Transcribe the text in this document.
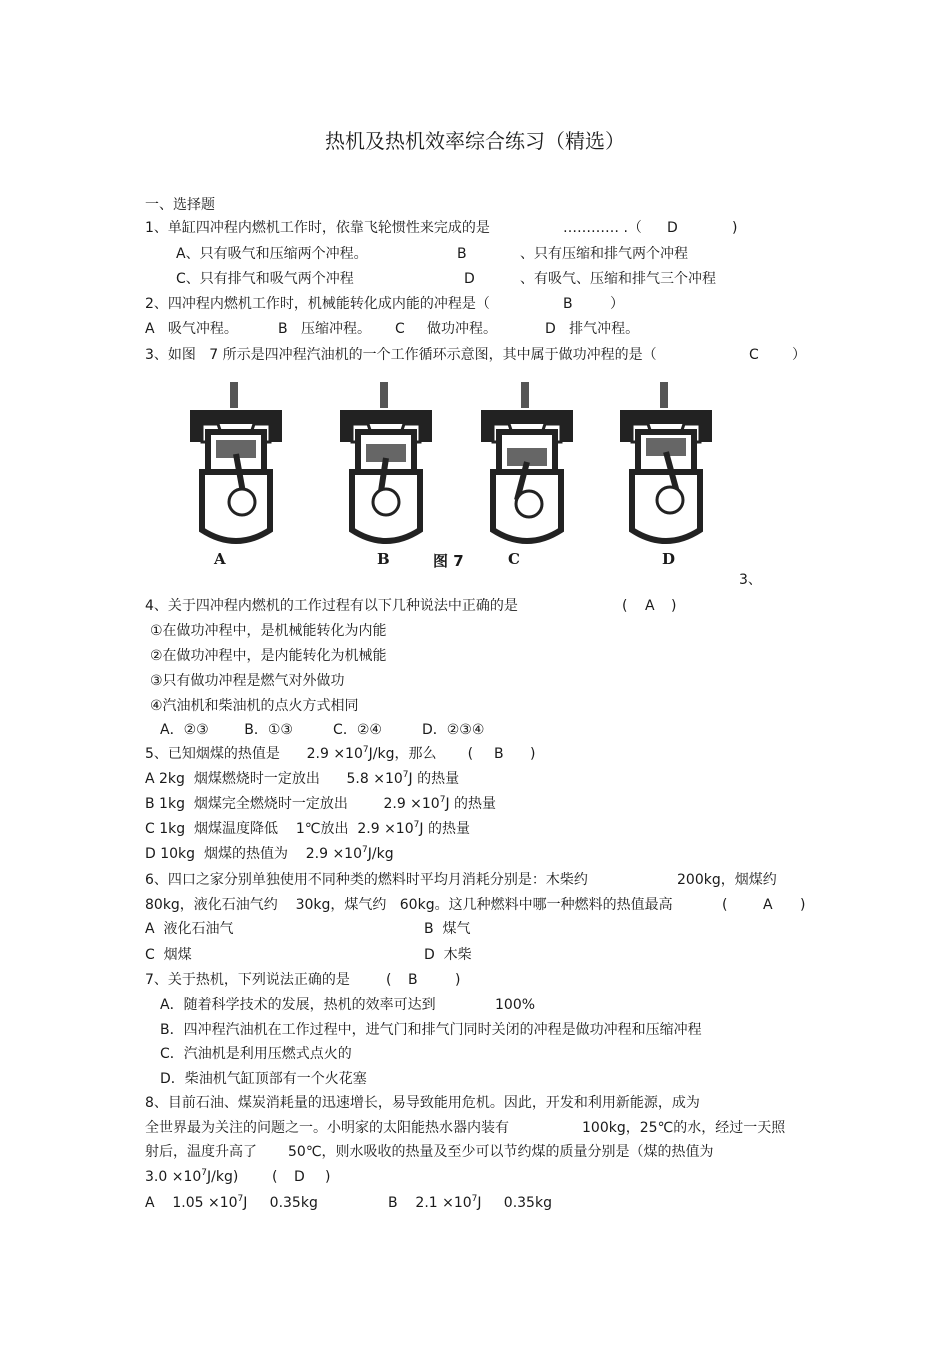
热机及热机效率综合练习（精选）
一、选择题
1、单缸四冲程内燃机工作时，依靠飞轮惯性来完成的是	………… .（ D	)
A、只有吸气和压缩两个冲程。	B	、只有压缩和排气两个冲程
C、只有排气和吸气两个冲程	D	、有吸气、压缩和排气三个冲程
2、四冲程内燃机工作时，机械能转化成内能的冲程是（	B	）
A   吸气冲程。	B   压缩冲程。 C     做功冲程。	D   排气冲程。
3、如图   7 所示是四冲程汽油机的一个工作循环示意图，其中属于做功冲程的是（	C ）
A	B	图 7	C	D
3、
4、关于四冲程内燃机的工作过程有以下几种说法中正确的是	( A )
①在做功冲程中，是机械能转化为内能
②在做功冲程中，是内能转化为机械能
③只有做功冲程是燃气对外做功
④汽油机和柴油机的点火方式相同
A．②③        B．①③         C．②④         D．②③④
5、已知烟煤的热值是      $2.9 \times 10^7J/kg$，那么       ( B )
A 2kg  烟煤燃烧时一定放出      $5.8 \times 10^7J$ 的热量
B 1kg  烟煤完全燃烧时一定放出        $2.9 \times 10^7J$ 的热量
C 1kg  烟煤温度降低    1℃放出  $2.9 \times 10^7J$ 的热量
D 10kg  烟煤的热值为    $2.9 \times 10^7J/kg$
6、四口之家分别单独使用不同种类的燃料时平均月消耗分别是：木柴约	200kg，烟煤约
80kg，液化石油气约    30kg，煤气约   60kg。这几种燃料中哪一种燃料的热值最高	(	A )
A  液化石油气	B  煤气
C  烟煤	D  木柴
7、关于热机，下列说法正确的是	( B	)
A．随着科学技术的发展，热机的效率可达到	100%
B．四冲程汽油机在工作过程中，进气门和排气门同时关闭的冲程是做功冲程和压缩冲程
C．汽油机是利用压燃式点火的
D．柴油机气缸顶部有一个火花塞
8、目前石油、煤炭消耗量的迅速增长，易导致能用危机。因此，开发和利用新能源，成为
全世界最为关注的问题之一。小明家的太阳能热水器内装有	100kg，25℃的水，经过一天照
射后，温度升高了 50℃，则水吸收的热量及至少可以节约煤的质量分别是（煤的热值为
$3.0 \times 10^7J/kg$) ( D )
A    $1.05 \times 10^7J$     0.35kg	B    $2.1 \times 10^7J$     0.35kg
